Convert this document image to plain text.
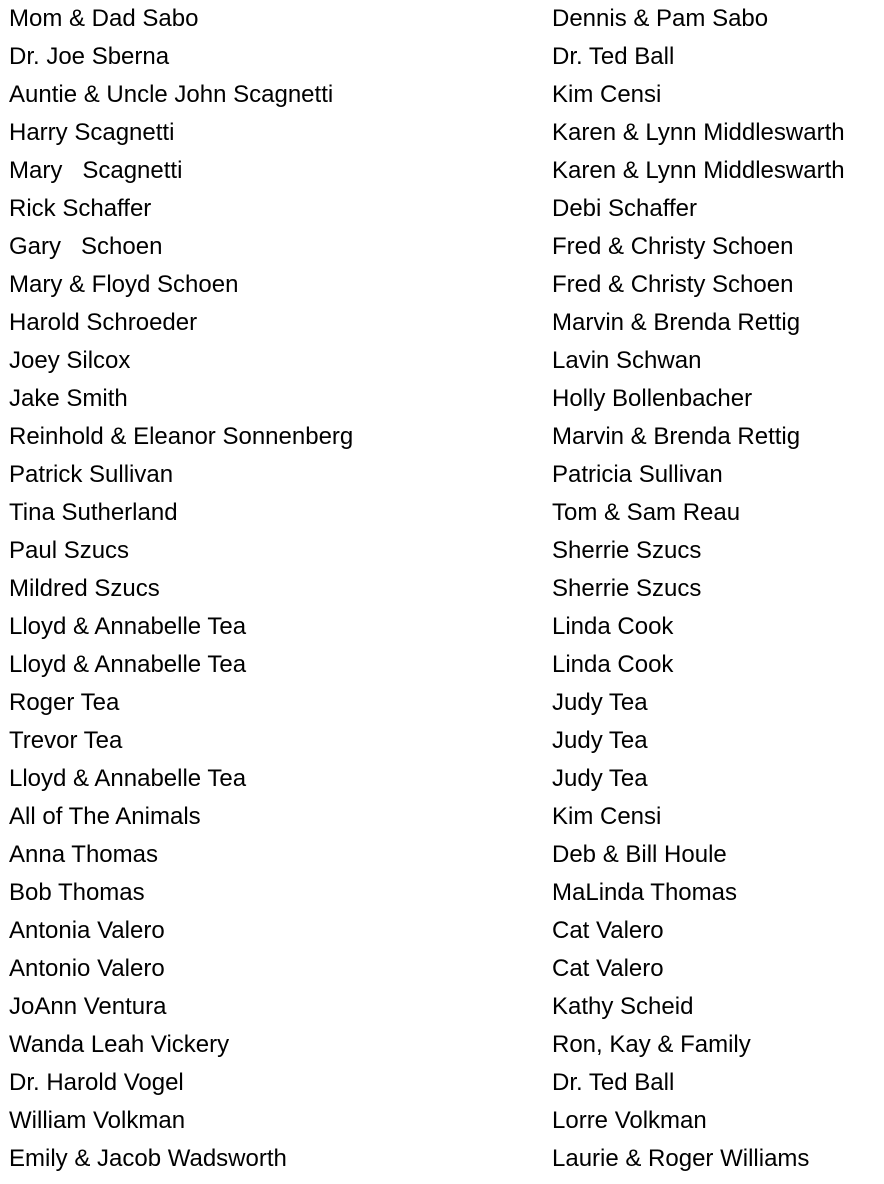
Mom & Dad Sabo	Dennis & Pam Sabo
Dr. Joe Sberna	Dr. Ted Ball
Auntie & Uncle John Scagnetti	Kim Censi
Harry Scagnetti	Karen & Lynn Middleswarth
Mary   Scagnetti	Karen & Lynn Middleswarth
Rick Schaffer	Debi Schaffer
Gary   Schoen	Fred & Christy Schoen
Mary & Floyd Schoen	Fred & Christy Schoen
Harold Schroeder	Marvin & Brenda Rettig
Joey Silcox	Lavin Schwan
Jake Smith	Holly Bollenbacher
Reinhold & Eleanor Sonnenberg	Marvin & Brenda Rettig
Patrick Sullivan	Patricia Sullivan
Tina Sutherland	Tom & Sam Reau
Paul Szucs	Sherrie Szucs
Mildred Szucs	Sherrie Szucs
Lloyd & Annabelle Tea	Linda Cook
Lloyd & Annabelle Tea	Linda Cook
Roger Tea	Judy Tea
Trevor Tea	Judy Tea
Lloyd & Annabelle Tea	Judy Tea
All of The Animals	Kim Censi
Anna Thomas	Deb & Bill Houle
Bob Thomas	MaLinda Thomas
Antonia Valero	Cat Valero
Antonio Valero	Cat Valero
JoAnn Ventura	Kathy Scheid
Wanda Leah Vickery	Ron, Kay & Family
Dr. Harold Vogel	Dr. Ted Ball
William Volkman	Lorre Volkman
Emily & Jacob Wadsworth	Laurie & Roger Williams
